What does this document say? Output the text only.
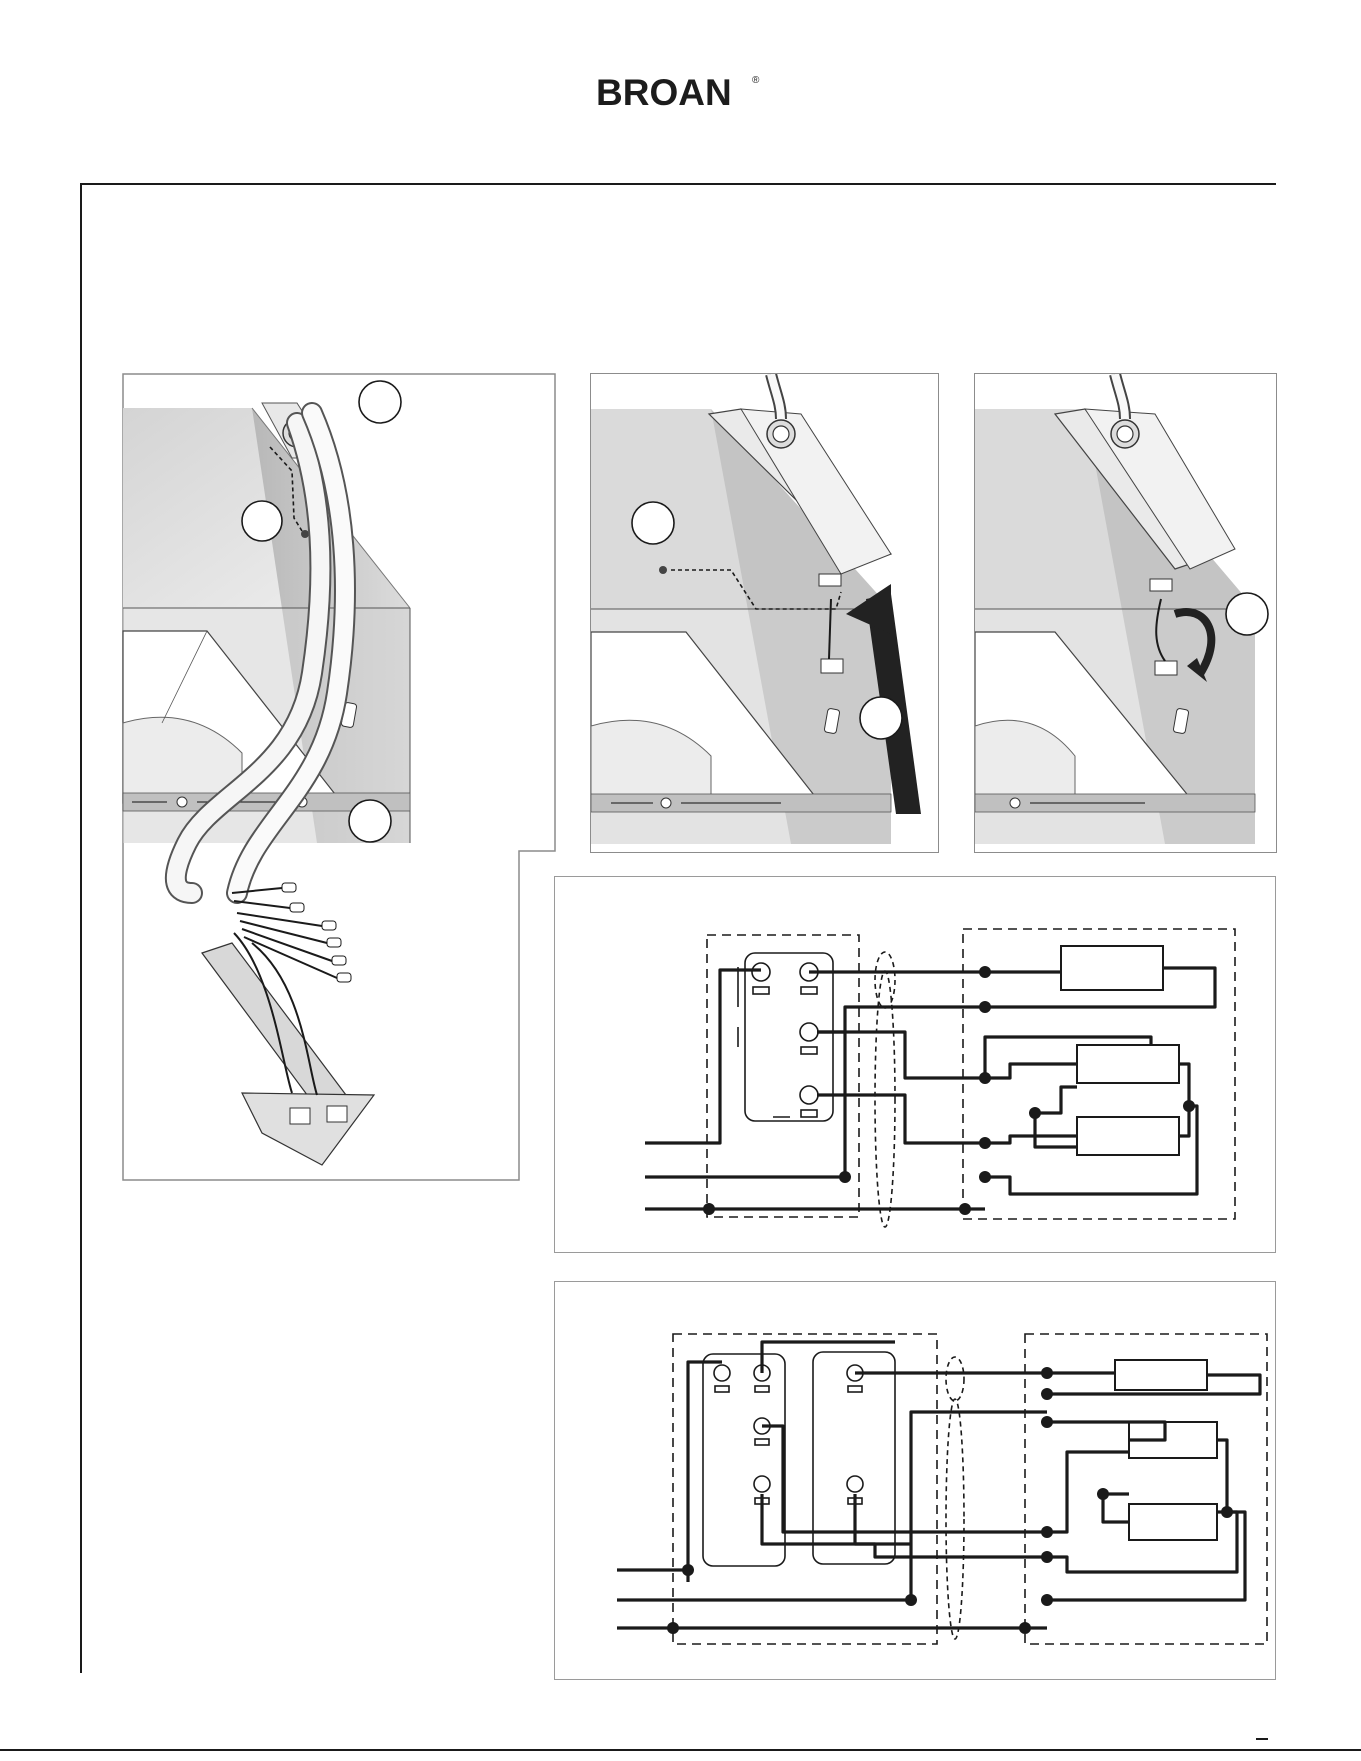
BROAN ®
